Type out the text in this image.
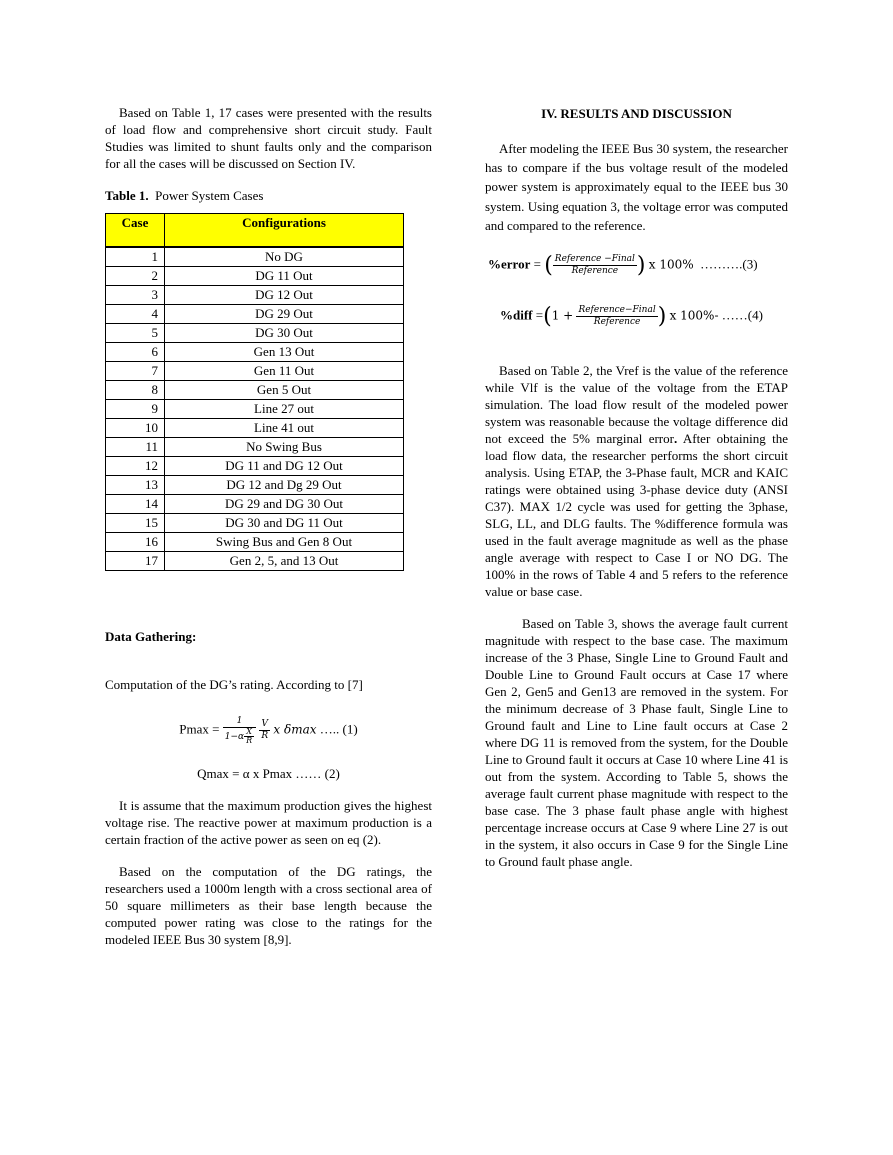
Based on Table 1, 17 cases were presented with the results of load flow and comprehensive short circuit study. Fault Studies was limited to shunt faults only and the comparison for all the cases will be discussed on Section IV.

Table 1. Power System Cases

Case	Configurations
1	No DG
2	DG 11 Out
3	DG 12 Out
4	DG 29 Out
5	DG 30 Out
6	Gen 13 Out
7	Gen 11 Out
8	Gen 5 Out
9	Line 27 out
10	Line 41 out
11	No Swing Bus
12	DG 11 and DG 12 Out
13	DG 12 and Dg 29 Out
14	DG 29 and DG 30 Out
15	DG 30 and DG 11 Out
16	Swing Bus and Gen 8 Out
17	Gen 2, 5, and 13 Out

Data Gathering:

Computation of the DG’s rating. According to [7]

$Pmax = \frac{1}{1-\alpha \frac{X}{R}}$
$\frac{V}{R}$ x δmax ….. (1)

Qmax = α x Pmax …… (2)

It is assume that the maximum production gives the highest voltage rise. The reactive power at maximum production is a certain fraction of the active power as seen on eq (2).

Based on the computation of the DG ratings, the researchers used a 1000m length with a cross sectional area of 50 square millimeters as their base length because the computed power rating was close to the ratings for the modeled IEEE Bus 30 system [8,9].

IV. RESULTS AND DISCUSSION

After modeling the IEEE Bus 30 system, the researcher has to compare if the bus voltage result of the modeled power system is approximately equal to the IEEE bus 30 system. Using equation 3, the voltage error was computed and compared to the reference.

%error = ( $\frac{\text{Reference −Final}}{\text{Reference}}$ ) x 100% ……….(3)
%diff $=(1 + \frac{\text{Reference−Final}}{\text{Reference}}$ ) x 100%- ……(4)

Based on Table 2, the Vref is the value of the reference while Vlf is the value of the voltage from the ETAP simulation. The load flow result of the modeled power system was reasonable because the voltage difference did not exceed the 5% marginal error. After obtaining the load flow data, the researcher performs the short circuit analysis. Using ETAP, the 3-Phase fault, MCR and KAIC ratings were obtained using 3-phase device duty (ANSI C37). MAX 1/2 cycle was used for getting the 3phase, SLG, LL, and DLG faults. The %difference formula was used in the fault average magnitude as well as the phase angle average with respect to Case I or NO DG. The 100% in the rows of Table 4 and 5 refers to the reference value or base case.

Based on Table 3, shows the average fault current magnitude with respect to the base case. The maximum increase of the 3 Phase, Single Line to Ground Fault and Double Line to Ground Fault occurs at Case 17 where Gen 2, Gen5 and Gen13 are removed in the system. For the minimum decrease of 3 Phase fault, Single Line to Ground fault and Line to Line fault occurs at Case 2 where DG 11 is removed from the system, for the Double Line to Ground fault it occurs at Case 10 where Line 41 is out from the system. According to Table 5, shows the average fault current phase magnitude with respect to the base case. The 3 phase fault phase angle with highest percentage increase occurs at Case 9 where Line 27 is out in the system, it also occurs in Case 9 for the Single Line to Ground fault phase angle.
